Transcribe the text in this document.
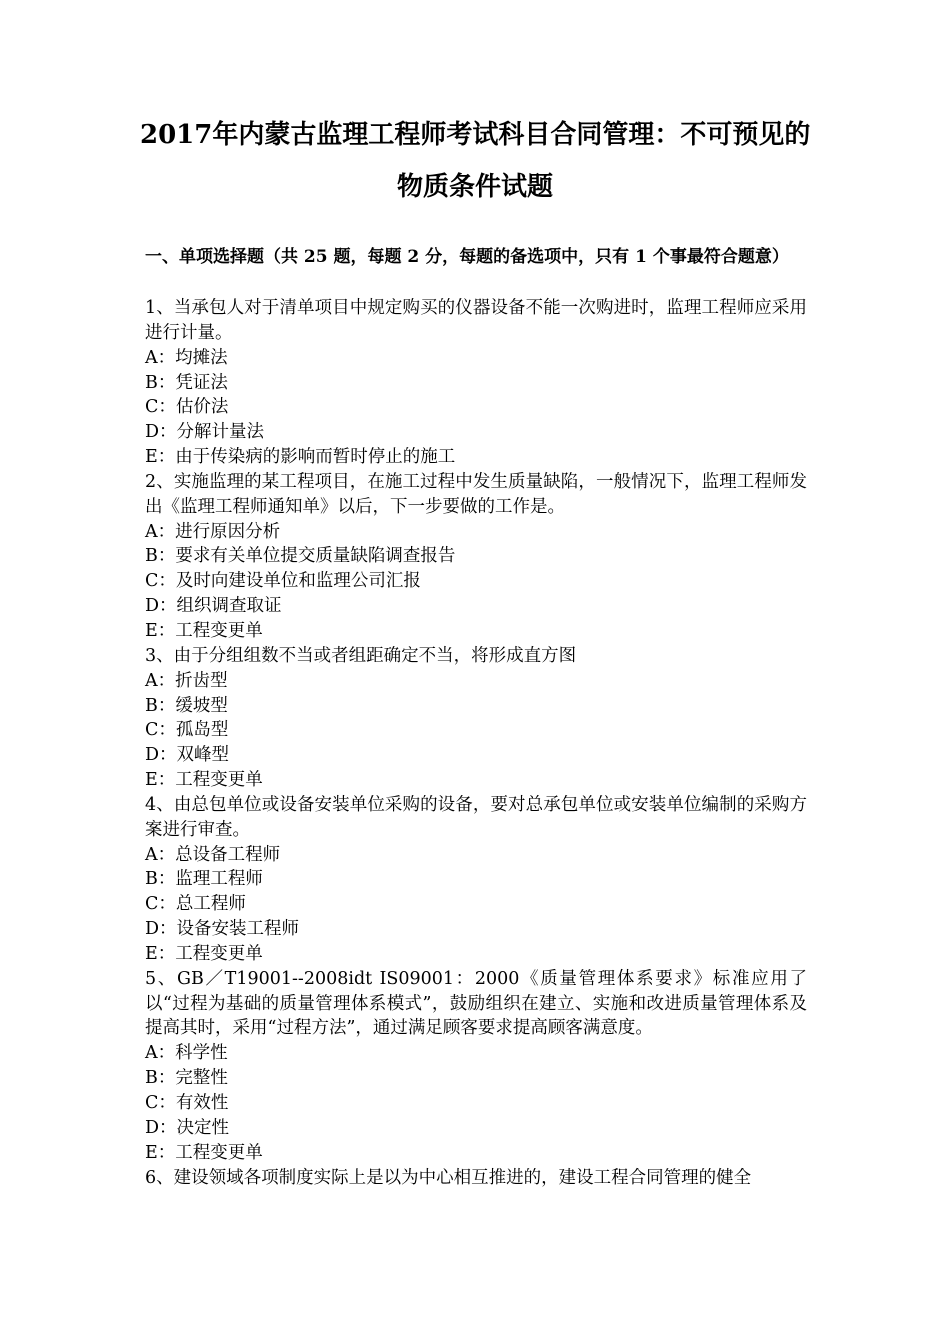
2017年内蒙古监理工程师考试科目合同管理：不可预见的
物质条件试题
一、单项选择题（共 25 题，每题 2 分，每题的备选项中，只有 1 个事最符合题意）

1、当承包人对于清单项目中规定购买的仪器设备不能一次购进时，监理工程师应采用进行计量。

A：均摊法

B：凭证法

C：估价法

D：分解计量法

E：由于传染病的影响而暂时停止的施工

2、实施监理的某工程项目，在施工过程中发生质量缺陷，一般情况下，监理工程师发出《监理工程师通知单》以后，下一步要做的工作是。

A：进行原因分析

B：要求有关单位提交质量缺陷调查报告

C：及时向建设单位和监理公司汇报

D：组织调查取证

E：工程变更单

3、由于分组组数不当或者组距确定不当，将形成直方图

A：折齿型

B：缓坡型

C：孤岛型

D：双峰型

E：工程变更单

4、由总包单位或设备安装单位采购的设备，要对总承包单位或安装单位编制的采购方案进行审查。

A：总设备工程师

B：监理工程师

C：总工程师

D：设备安装工程师

E：工程变更单

5、GB／T19001--2008idt IS09001：2000《质量管理体系要求》标准应用了以“过程为基础的质量管理体系模式”，鼓励组织在建立、实施和改进质量管理体系及提高其时，采用“过程方法”，通过满足顾客要求提高顾客满意度。

A：科学性

B：完整性

C：有效性

D：决定性

E：工程变更单

6、建设领域各项制度实际上是以为中心相互推进的，建设工程合同管理的健全
